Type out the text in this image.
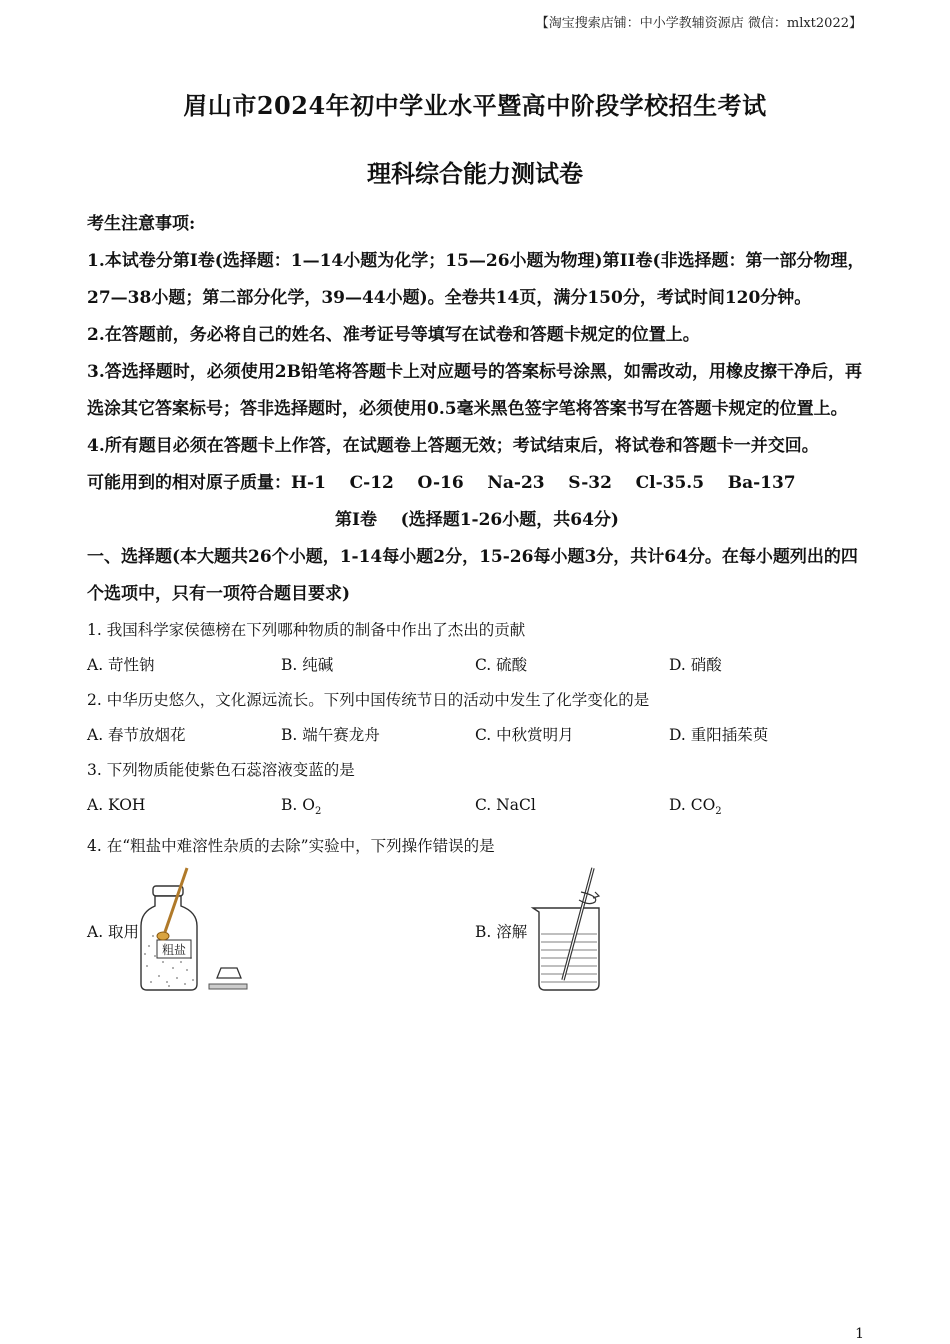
【淘宝搜索店铺：中小学教辅资源店 微信：mlxt2022】
眉山市2024年初中学业水平暨高中阶段学校招生考试
理科综合能力测试卷
考生注意事项:
1.本试卷分第I卷(选择题：1—14小题为化学；15—26小题为物理)第II卷(非选择题：第一部分物理，27—38小题；第二部分化学，39—44小题)。全卷共14页，满分150分，考试时间120分钟。
2.在答题前，务必将自己的姓名、准考证号等填写在试卷和答题卡规定的位置上。
3.答选择题时，必须使用2B铅笔将答题卡上对应题号的答案标号涂黑，如需改动，用橡皮擦干净后，再选涂其它答案标号；答非选择题时，必须使用0.5毫米黑色签字笔将答案书写在答题卡规定的位置上。
4.所有题目必须在答题卡上作答，在试题卷上答题无效；考试结束后，将试卷和答题卡一并交回。
可能用到的相对原子质量：H-1    C-12    O-16    Na-23    S-32    Cl-35.5    Ba-137
第I卷    (选择题1-26小题，共64分)
一、选择题(本大题共26个小题，1-14每小题2分，15-26每小题3分，共计64分。在每小题列出的四个选项中，只有一项符合题目要求)
1. 我国科学家侯德榜在下列哪种物质的制备中作出了杰出的贡献
A. 苛性钠	B. 纯碱	C. 硫酸	D. 硝酸
2. 中华历史悠久，文化源远流长。下列中国传统节日的活动中发生了化学变化的是
A. 春节放烟花	B. 端午赛龙舟	C. 中秋赏明月	D. 重阳插茱萸
3. 下列物质能使紫色石蕊溶液变蓝的是
A. KOH	B. $O_2$	C. NaCl	D. $CO_2$
4. 在“粗盐中难溶性杂质的去除”实验中，下列操作错误的是
A. 取用
粗盐
B. 溶解
1
